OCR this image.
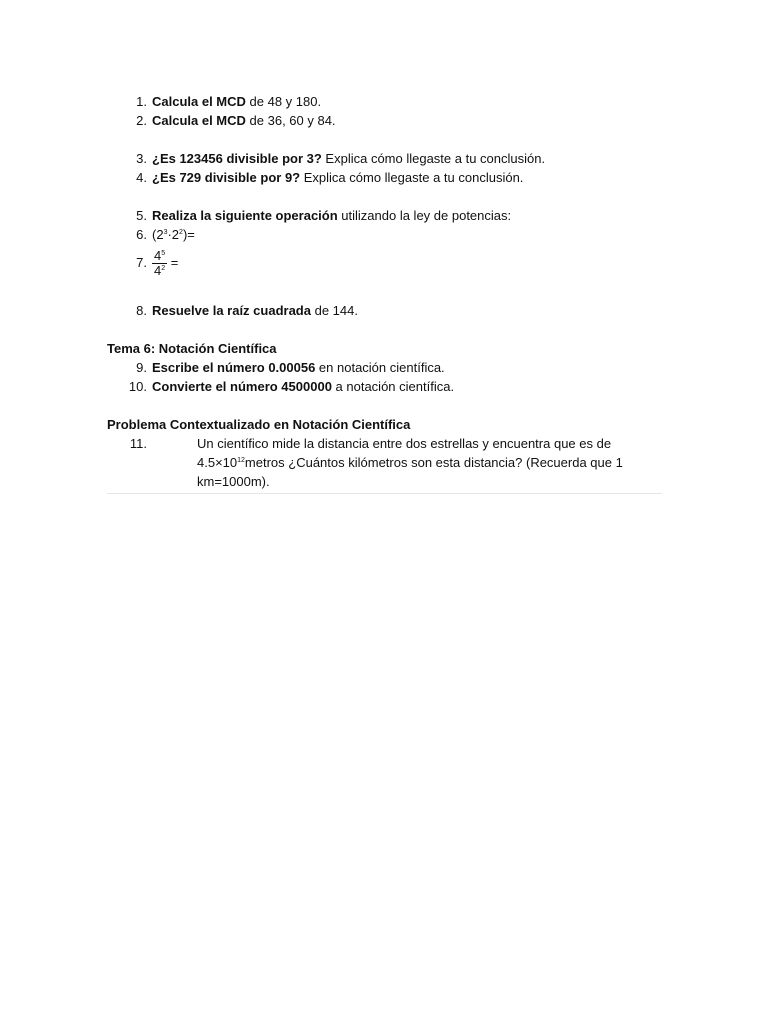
1. Calcula el MCD de 48 y 180.
2. Calcula el MCD de 36, 60 y 84.
3. ¿Es 123456 divisible por 3? Explica cómo llegaste a tu conclusión.
4. ¿Es 729 divisible por 9? Explica cómo llegaste a tu conclusión.
5. Realiza la siguiente operación utilizando la ley de potencias:
6. $(2^3\cdot 2^2)=$
7. $\frac{4^5}{4^2}$ =
8. Resuelve la raíz cuadrada de 144.
Tema 6: Notación Científica
9. Escribe el número 0.00056 en notación científica.
10. Convierte el número 4500000 a notación científica.
Problema Contextualizado en Notación Científica
11.	Un científico mide la distancia entre dos estrellas y encuentra que es de $4.5\times 10^{12}metros$ ¿Cuántos kilómetros son esta distancia? (Recuerda que 1 km=1000m).
